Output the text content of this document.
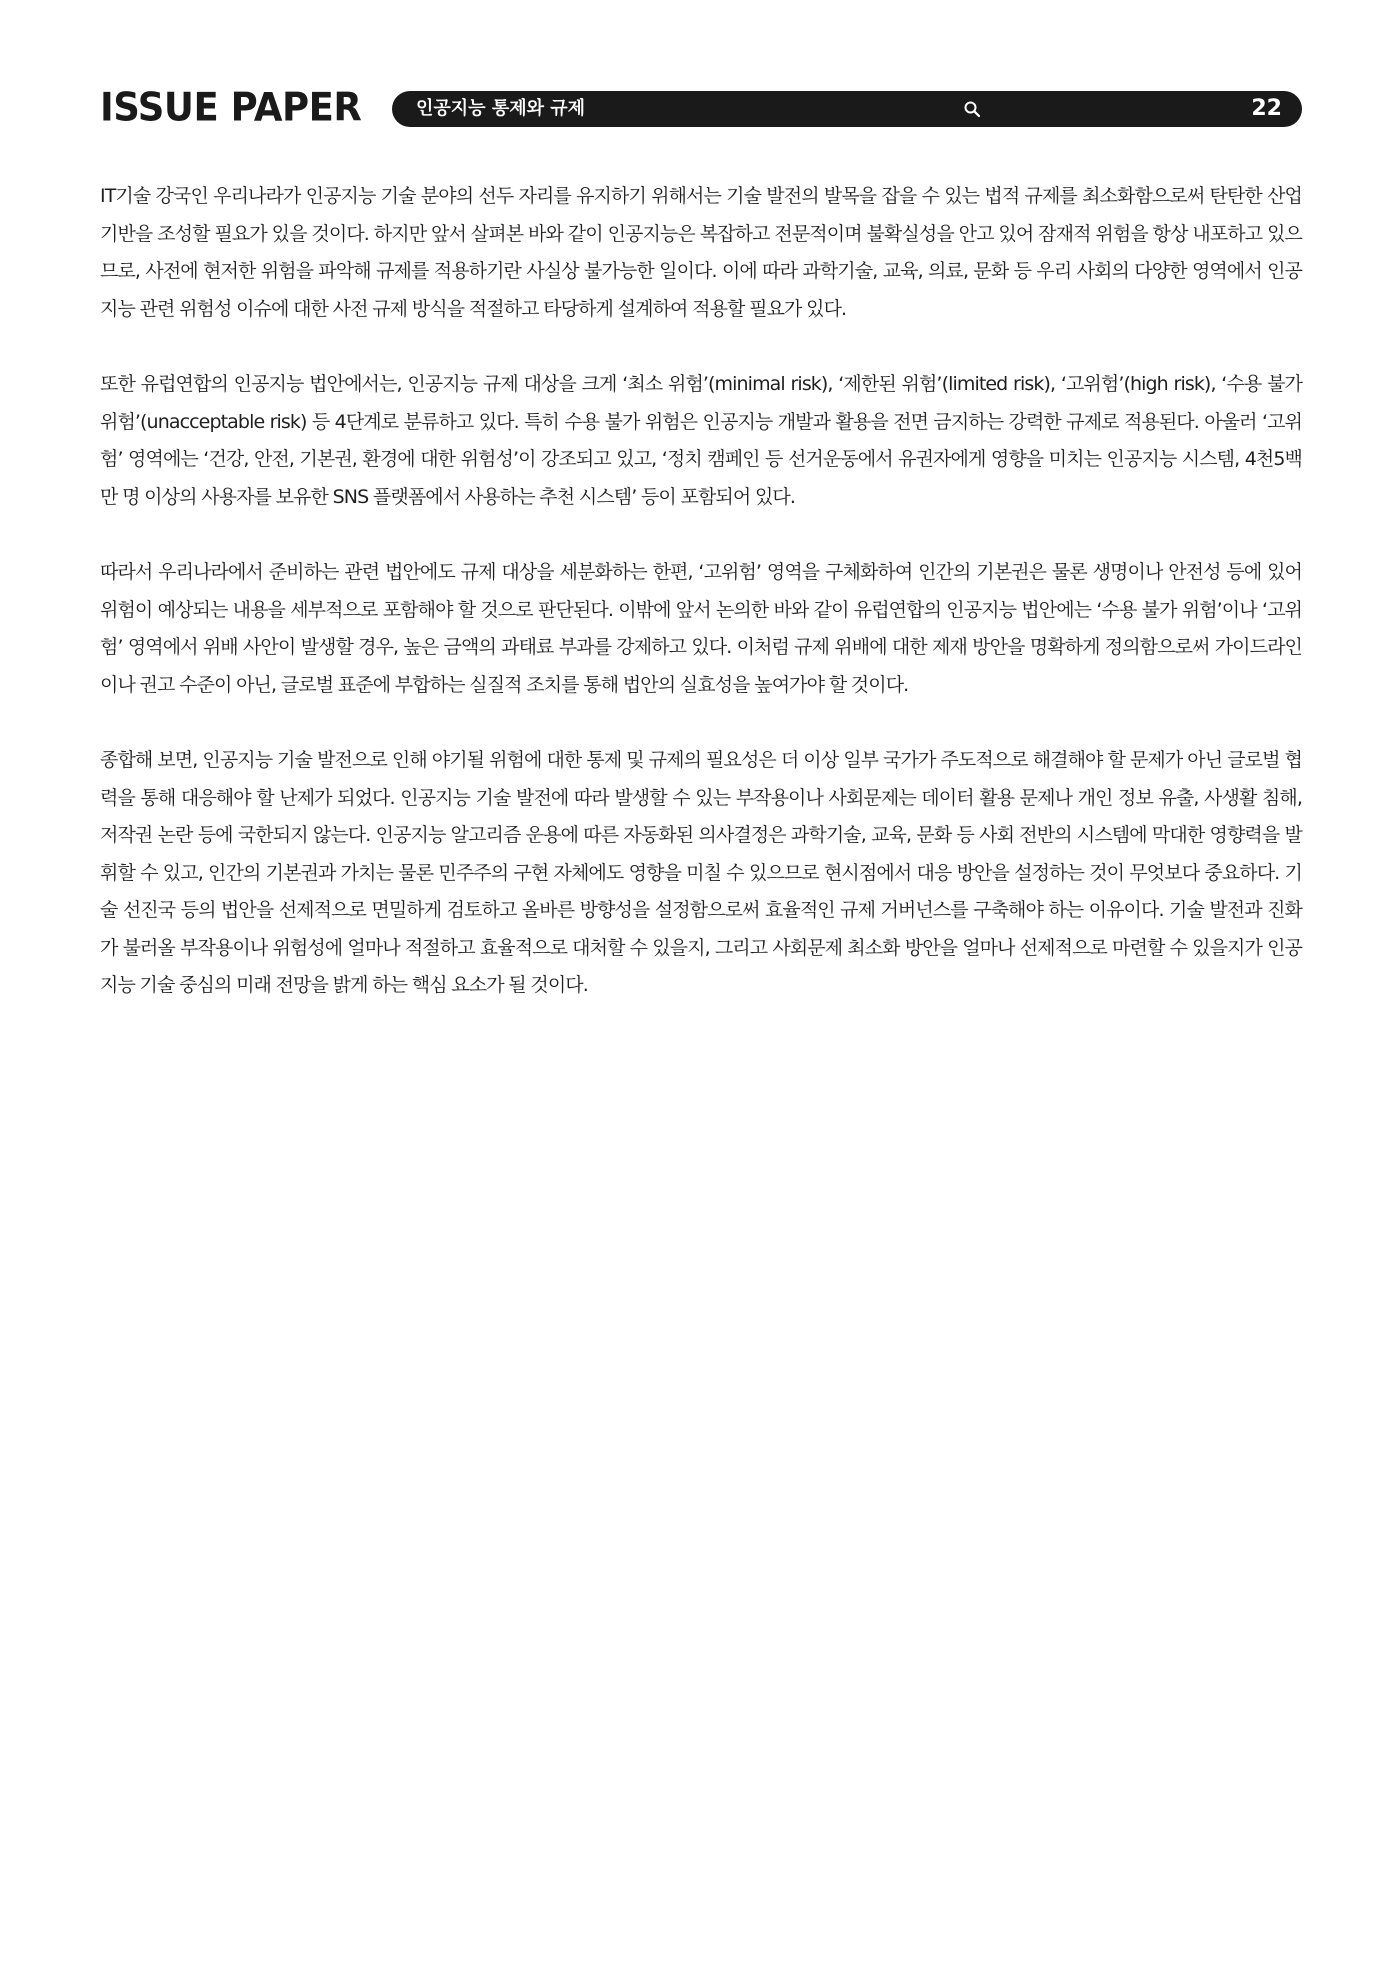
ISSUE PAPER	인공지능 통제와 규제	22

IT기술 강국인 우리나라가 인공지능 기술 분야의 선두 자리를 유지하기 위해서는 기술 발전의 발목을 잡을 수 있는 법적 규제를 최소화함으로써 탄탄한 산업 기반을 조성할 필요가 있을 것이다. 하지만 앞서 살펴본 바와 같이 인공지능은 복잡하고 전문적이며 불확실성을 안고 있어 잠재적 위험을 항상 내포하고 있으므로, 사전에 현저한 위험을 파악해 규제를 적용하기란 사실상 불가능한 일이다. 이에 따라 과학기술, 교육, 의료, 문화 등 우리 사회의 다양한 영역에서 인공지능 관련 위험성 이슈에 대한 사전 규제 방식을 적절하고 타당하게 설계하여 적용할 필요가 있다.

또한 유럽연합의 인공지능 법안에서는, 인공지능 규제 대상을 크게 ‘최소 위험’(minimal risk), ‘제한된 위험’(limited risk), ‘고위험’(high risk), ‘수용 불가 위험’(unacceptable risk) 등 4단계로 분류하고 있다. 특히 수용 불가 위험은 인공지능 개발과 활용을 전면 금지하는 강력한 규제로 적용된다. 아울러 ‘고위험’ 영역에는 ‘건강, 안전, 기본권, 환경에 대한 위험성’이 강조되고 있고, ‘정치 캠페인 등 선거운동에서 유권자에게 영향을 미치는 인공지능 시스템, 4천5백만 명 이상의 사용자를 보유한 SNS 플랫폼에서 사용하는 추천 시스템’ 등이 포함되어 있다.

따라서 우리나라에서 준비하는 관련 법안에도 규제 대상을 세분화하는 한편, ‘고위험’ 영역을 구체화하여 인간의 기본권은 물론 생명이나 안전성 등에 있어 위험이 예상되는 내용을 세부적으로 포함해야 할 것으로 판단된다. 이밖에 앞서 논의한 바와 같이 유럽연합의 인공지능 법안에는 ‘수용 불가 위험’이나 ‘고위험’ 영역에서 위배 사안이 발생할 경우, 높은 금액의 과태료 부과를 강제하고 있다. 이처럼 규제 위배에 대한 제재 방안을 명확하게 정의함으로써 가이드라인이나 권고 수준이 아닌, 글로벌 표준에 부합하는 실질적 조치를 통해 법안의 실효성을 높여가야 할 것이다.

종합해 보면, 인공지능 기술 발전으로 인해 야기될 위험에 대한 통제 및 규제의 필요성은 더 이상 일부 국가가 주도적으로 해결해야 할 문제가 아닌 글로벌 협력을 통해 대응해야 할 난제가 되었다. 인공지능 기술 발전에 따라 발생할 수 있는 부작용이나 사회문제는 데이터 활용 문제나 개인 정보 유출, 사생활 침해, 저작권 논란 등에 국한되지 않는다. 인공지능 알고리즘 운용에 따른 자동화된 의사결정은 과학기술, 교육, 문화 등 사회 전반의 시스템에 막대한 영향력을 발휘할 수 있고, 인간의 기본권과 가치는 물론 민주주의 구현 자체에도 영향을 미칠 수 있으므로 현시점에서 대응 방안을 설정하는 것이 무엇보다 중요하다. 기술 선진국 등의 법안을 선제적으로 면밀하게 검토하고 올바른 방향성을 설정함으로써 효율적인 규제 거버넌스를 구축해야 하는 이유이다. 기술 발전과 진화가 불러올 부작용이나 위험성에 얼마나 적절하고 효율적으로 대처할 수 있을지, 그리고 사회문제 최소화 방안을 얼마나 선제적으로 마련할 수 있을지가 인공지능 기술 중심의 미래 전망을 밝게 하는 핵심 요소가 될 것이다.
